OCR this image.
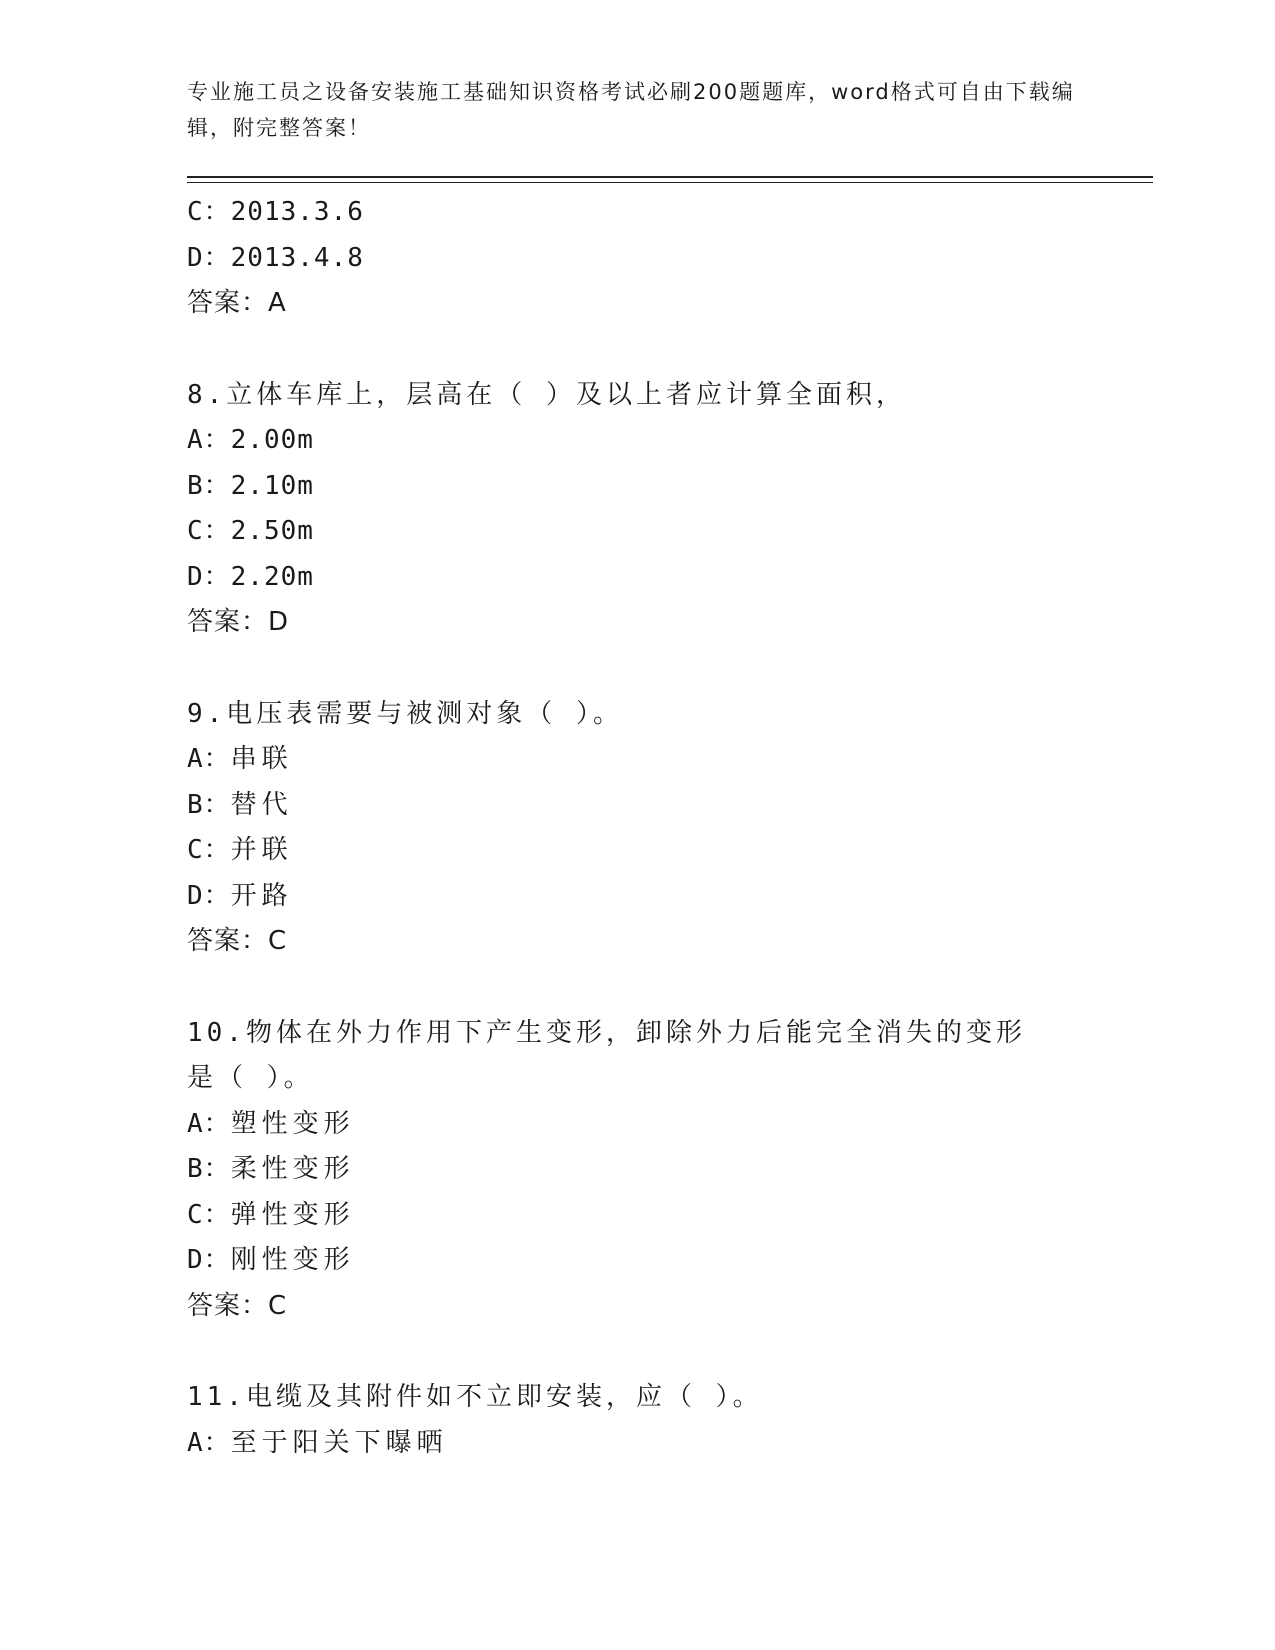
专业施工员之设备安装施工基础知识资格考试必刷200题题库，word格式可自由下载编辑，附完整答案！
C：2013.3.6
D：2013.4.8
答案：A
8.立体车库上，层高在（ ）及以上者应计算全面积，
A：2.00m
B：2.10m
C：2.50m
D：2.20m
答案：D
9.电压表需要与被测对象（ ）。
A：串联
B：替代
C：并联
D：开路
答案：C
10.物体在外力作用下产生变形，卸除外力后能完全消失的变形是（ ）。
A：塑性变形
B：柔性变形
C：弹性变形
D：刚性变形
答案：C
11.电缆及其附件如不立即安装，应（ ）。
A：至于阳关下曝晒
